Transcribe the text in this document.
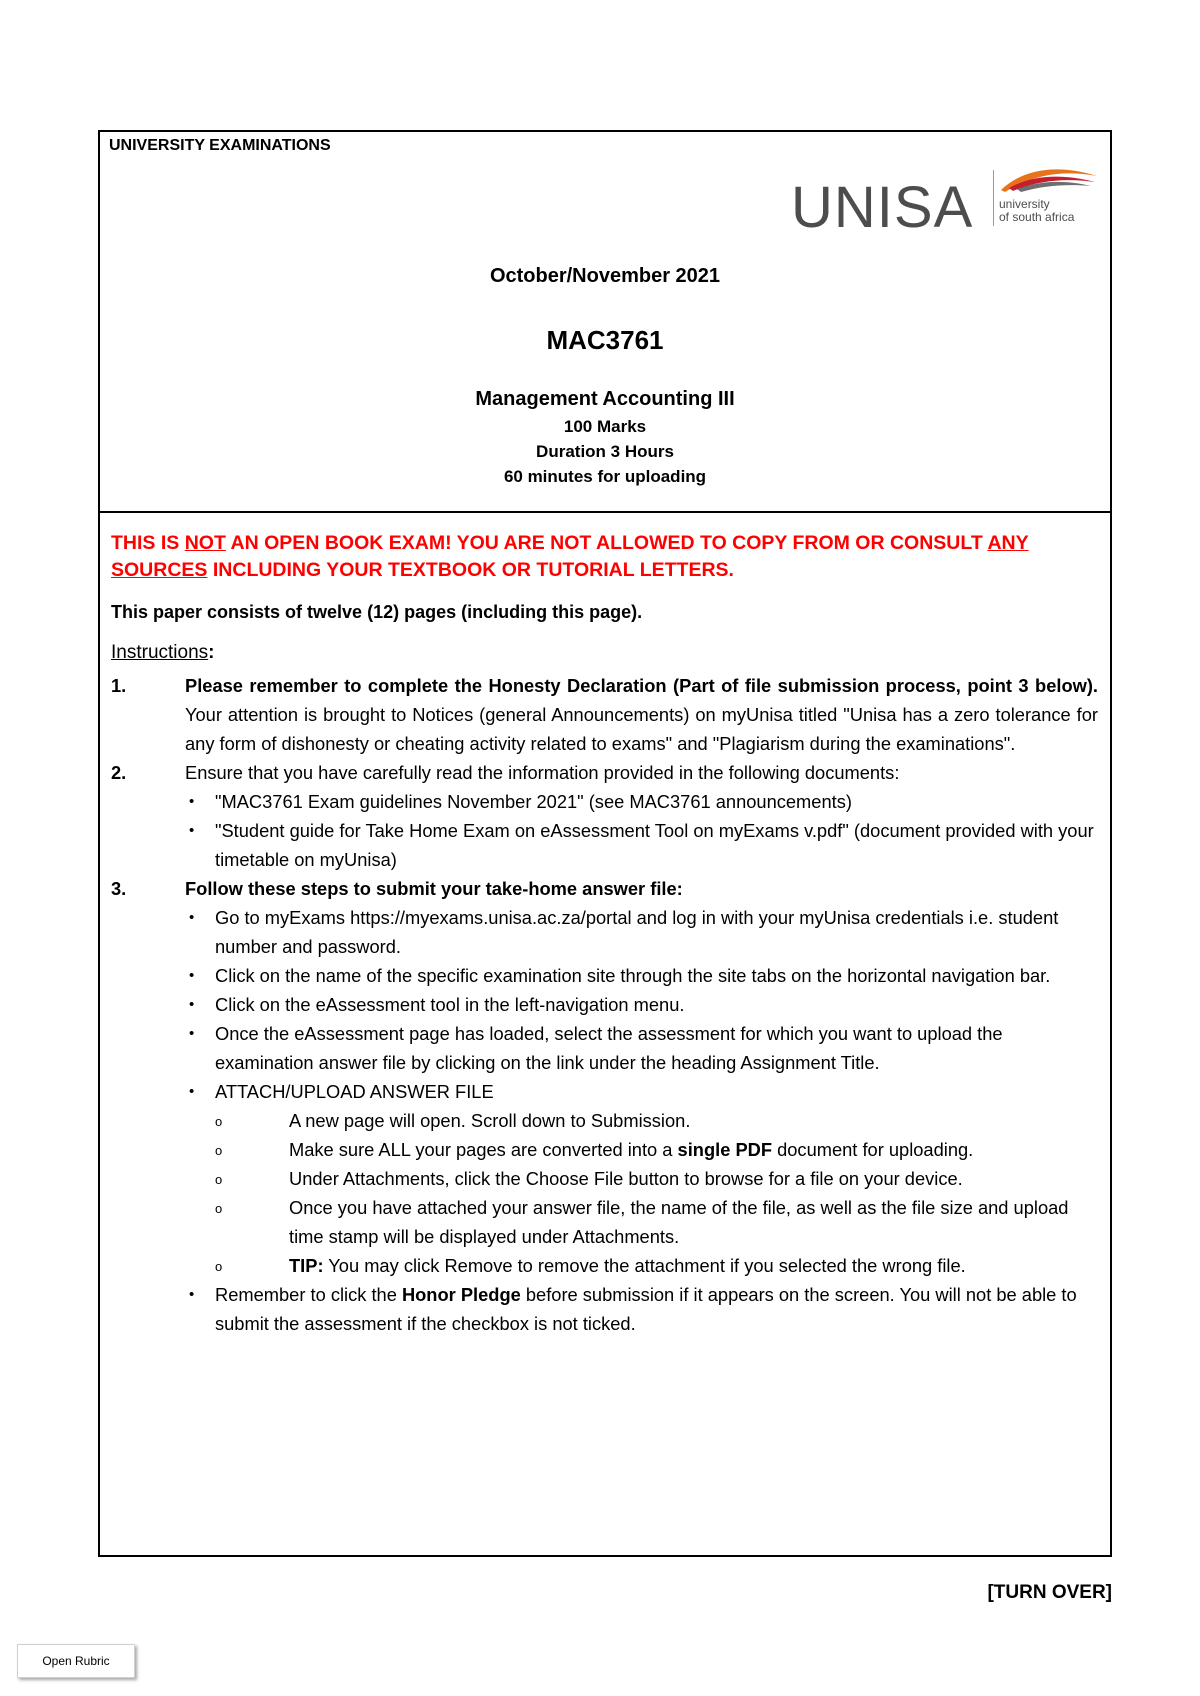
UNIVERSITY EXAMINATIONS
UNISA university
of south africa
October/November 2021
MAC3761
Management Accounting III
100 Marks
Duration 3 Hours
60 minutes for uploading
THIS IS NOT AN OPEN BOOK EXAM! YOU ARE NOT ALLOWED TO COPY FROM OR CONSULT ANY SOURCES INCLUDING YOUR TEXTBOOK OR TUTORIAL LETTERS.
This paper consists of twelve (12) pages (including this page).
Instructions:
1.	Please remember to complete the Honesty Declaration (Part of file submission process, point 3 below). Your attention is brought to Notices (general Announcements) on myUnisa titled "Unisa has a zero tolerance for any form of dishonesty or cheating activity related to exams" and "Plagiarism during the examinations".
2.	Ensure that you have carefully read the information provided in the following documents:
• "MAC3761 Exam guidelines November 2021" (see MAC3761 announcements)
• "Student guide for Take Home Exam on eAssessment Tool on myExams v.pdf" (document provided with your timetable on myUnisa)
3.	Follow these steps to submit your take-home answer file:
• Go to myExams https://myexams.unisa.ac.za/portal and log in with your myUnisa credentials i.e. student number and password.
• Click on the name of the specific examination site through the site tabs on the horizontal navigation bar.
• Click on the eAssessment tool in the left-navigation menu.
• Once the eAssessment page has loaded, select the assessment for which you want to upload the examination answer file by clicking on the link under the heading Assignment Title.
• ATTACH/UPLOAD ANSWER FILE
o A new page will open. Scroll down to Submission.
o Make sure ALL your pages are converted into a single PDF document for uploading.
o Under Attachments, click the Choose File button to browse for a file on your device.
o Once you have attached your answer file, the name of the file, as well as the file size and upload time stamp will be displayed under Attachments.
o TIP: You may click Remove to remove the attachment if you selected the wrong file.
• Remember to click the Honor Pledge before submission if it appears on the screen. You will not be able to submit the assessment if the checkbox is not ticked.
[TURN OVER]
Open Rubric
